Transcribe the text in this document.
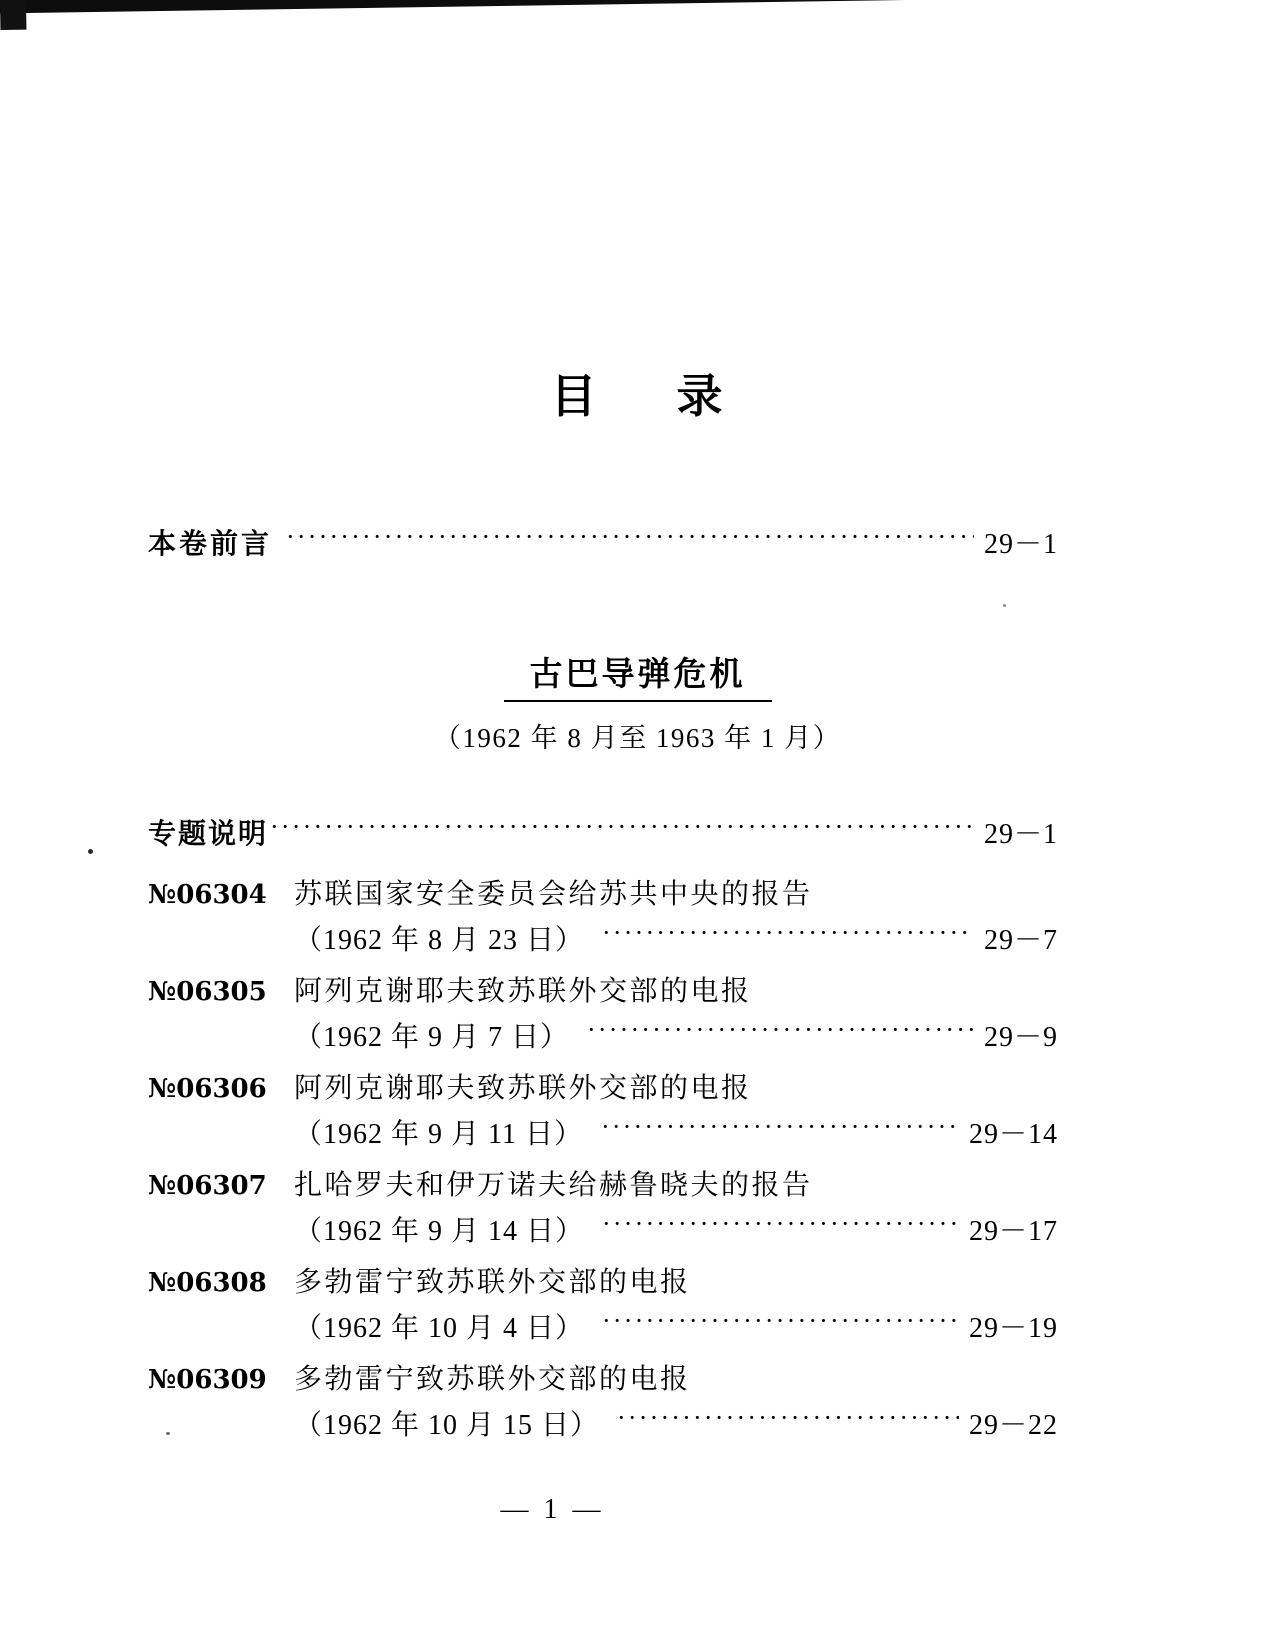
目 录
本卷前言 ·····	29－1
古巴导弹危机
（1962 年 8 月至 1963 年 1 月）
专题说明 ·····	29－1
№06304 苏联国家安全委员会给苏共中央的报告
（1962 年 8 月 23 日） ·····	29－7
№06305 阿列克谢耶夫致苏联外交部的电报
（1962 年 9 月 7 日） ·····	29－9
№06306 阿列克谢耶夫致苏联外交部的电报
（1962 年 9 月 11 日） ·····	29－14
№06307 扎哈罗夫和伊万诺夫给赫鲁晓夫的报告
（1962 年 9 月 14 日） ·····	29－17
№06308 多勃雷宁致苏联外交部的电报
（1962 年 10 月 4 日） ·····	29－19
№06309 多勃雷宁致苏联外交部的电报
（1962 年 10 月 15 日） ·····	29－22
— 1 —
